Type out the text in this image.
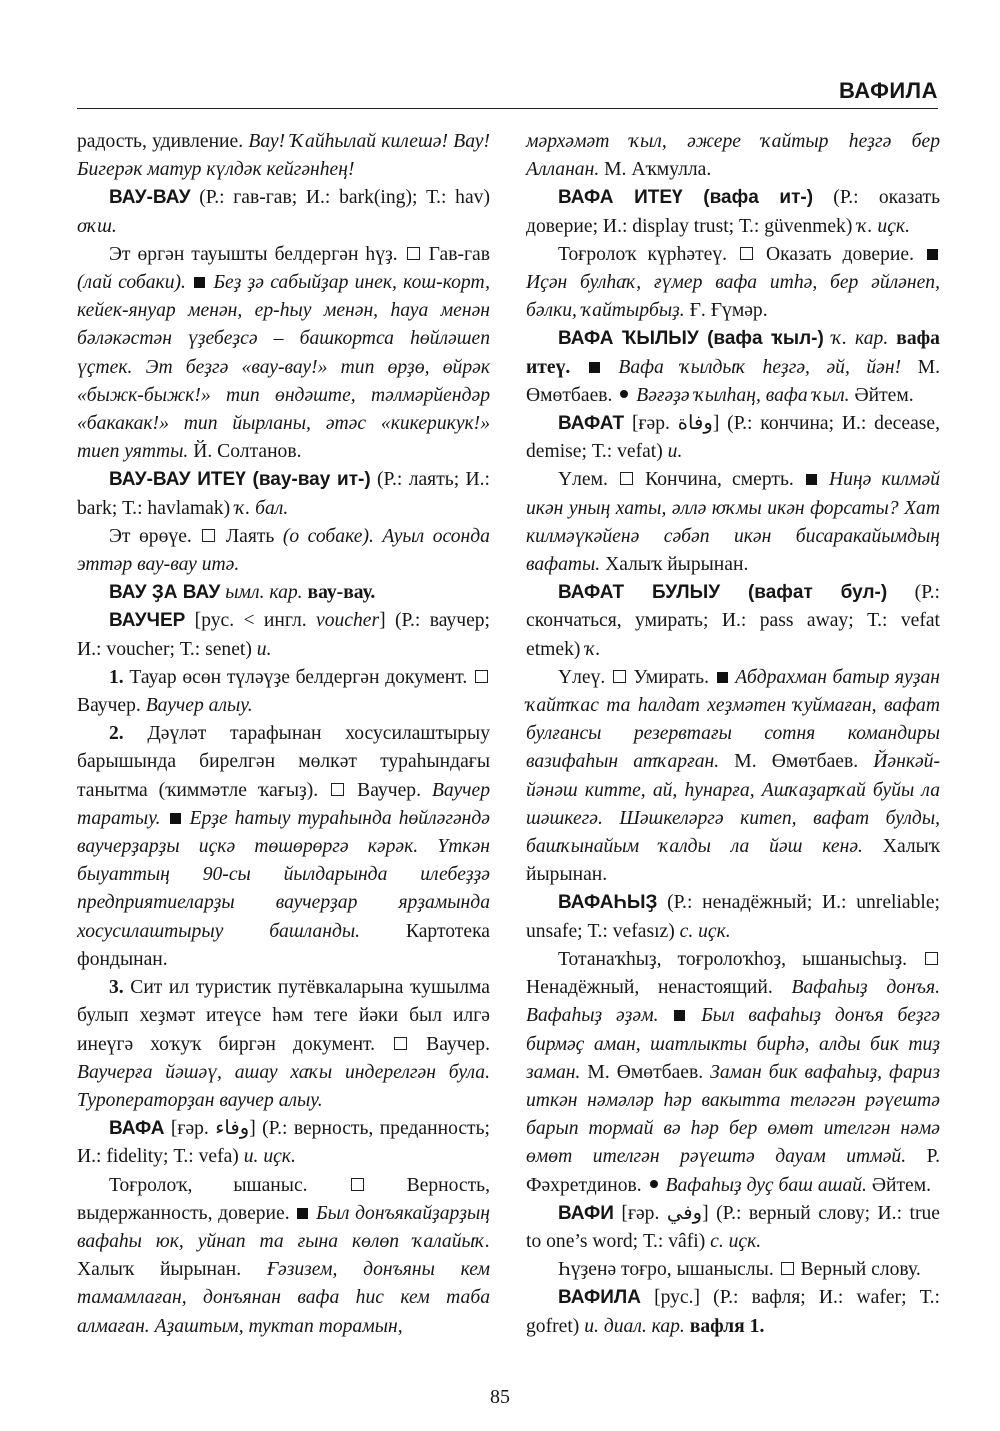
ВАФИЛА

радость, удивление. Вау! Ҡайһылай килешә! Вау! Бигерәк матур күлдәк кейгәнһең!

ВАУ-ВАУ (Р.: гав-гав; И.: bark(ing); Т.: hav) оҡш.

Эт өргән тауышты белдергән һүҙ. Гав-гав (лай собаки). Беҙ ҙә сабыйҙар инек, кош-корт, кейек-януар менән, ер-һыу менән, һауа менән бәләкәстән үҙебеҙсә – башкортса һөйләшеп үҫтек. Эт беҙгә «вау-вау!» тип өрҙө, өйрәк «быжк-быжк!» тип өндәште, тәлмәрйендәр «бакакак!» тип йырланы, әтәс «кикерикук!» тиеп уятты. Й. Солтанов.

ВАУ-ВАУ ИТЕҮ (вау-вау ит-) (Р.: лаять; И.: bark; Т.: havlamak) ҡ. бал.

Эт өрөүе. Лаять (о собаке). Ауыл осонда эттәр вау-вау итә.

ВАУ ҘА ВАУ ымл. кар. вау-вау.

ВАУЧЕР [рус. < ингл. voucher] (Р.: ваучер; И.: voucher; Т.: senet) и.

1. Тауар өсөн түләүҙе белдергән документ.  Ваучер. Ваучер алыу.

2. Дәүләт тарафынан хосусилаштырыу барышында бирелгән мөлкәт тураһындағы танытма (ҡиммәтле ҡағыҙ). Ваучер. Ваучер таратыу. Ерҙе һатыу тураһында һөйләгәндә ваучерҙарҙы иҫкә төшөрөргә кәрәк. Үткән быуаттың 90-сы йылдарында илебеҙҙә предприятиеларҙы ваучерҙар ярҙамында хосусилаштырыу башланды. Картотека фондынан.

3. Сит ил туристик путёвкаларына ҡушылма булып хеҙмәт итеүсе һәм теге йәки был илгә инеүгә хоҡуҡ биргән документ.	Ваучер. Ваучерға йәшәү, ашау хаҡы индерелгән була. Туроператорҙан ваучер алыу.

ВАФА [ғәр. وفاء] (Р.: верность, преданность; И.: fidelity; Т.: vefa) и. иҫк.

Тоғролоҡ, ышаныс.	Верность, выдержанность, доверие. Был донъякайҙарҙың вафаһы юк, уйнап та ғына көлөп ҡалайыҡ. Халыҡ йырынан. Ғәзизем, донъяны кем тамамлаған, донъянан вафа һис кем таба алмаған. Аҙаштым, туктап торамын,

мәрхәмәт ҡыл, әжере ҡайтыр һеҙгә бер Алланан. М. Аҡмулла.

ВАФА ИТЕҮ (вафа ит-) (Р.: оказать доверие; И.: display trust; Т.: güvenmek) ҡ. иҫк.

Тоғролоҡ күрһәтеү. Оказать доверие.  Иҫән булһаҡ, ғүмер вафа итһә, бер әйләнеп, бәлки, ҡайтырбыҙ. Ғ. Ғүмәр.

ВАФА ҠЫЛЫУ (вафа ҡыл-) ҡ. кар. вафа итеү. Вафа ҡылдыҡ һеҙгә, әй, йән! М. Өмөтбаев. Вәғәҙә ҡылһаң, вафа ҡыл. Әйтем.

ВАФАТ [ғәр. وفاة] (Р.: кончина; И.: decease, demise; Т.: vefat) и.

Үлем. Кончина, смерть. Ниңә килмәй икән уның хаты, әллә юҡмы икән форсаты? Хат килмәүкәйенә сәбәп икән бисаракайымдың вафаты. Халыҡ йырынан.

ВАФАТ БУЛЫУ (вафат бул-) (Р.: скончаться, умирать; И.: pass away; Т.: vefat etmek) ҡ.

Үлеү. Умирать. Абдрахман батыр яуҙан ҡайтҡас та һалдат хеҙмәтен ҡуймаған, вафат булғансы резервтағы сотня командиры вазифаһын атҡарған. М. Өмөтбаев. Йәнкәй-йәнәш китте, ай, һунарға, Ашҡаҙарҡай буйы ла шәшкегә. Шәшкеләргә китеп, вафат булды, башҡынайым ҡалды ла йәш кенә. Халыҡ йырынан.

ВАФАҺЫҘ (Р.: ненадёжный; И.: unreliable; unsafe; Т.: vefasız) с. иҫк.

Тотанаҡһыҙ, тоғролоҡһоҙ, ышанысһыҙ.  Ненадёжный, ненастоящий. Вафаһыҙ донъя. Вафаһыҙ әҙәм. Был вафаһыҙ донъя беҙгә бирмәҫ аман, шатлыкты бирһә, алды бик тиҙ заман. М. Өмөтбаев. Заман бик вафаһыҙ, фариз иткән нәмәләр һәр вакытта теләгән рәүештә барып тормай вә һәр бер өмөт ителгән нәмә өмөт ителгән рәүештә дауам итмәй. Р. Фәхретдинов. Вафаһыҙ дуҫ баш ашай. Әйтем.

ВАФИ [ғәр. وفي] (Р.: верный слову; И.: true to one’s word; Т.: vâfi) с. иҫк.

Һүҙенә тоғро, ышаныслы. Верный слову.

ВАФИЛА [рус.] (Р.: вафля; И.: wafer; Т.: gofret) и. диал. кар. вафля 1.

85
